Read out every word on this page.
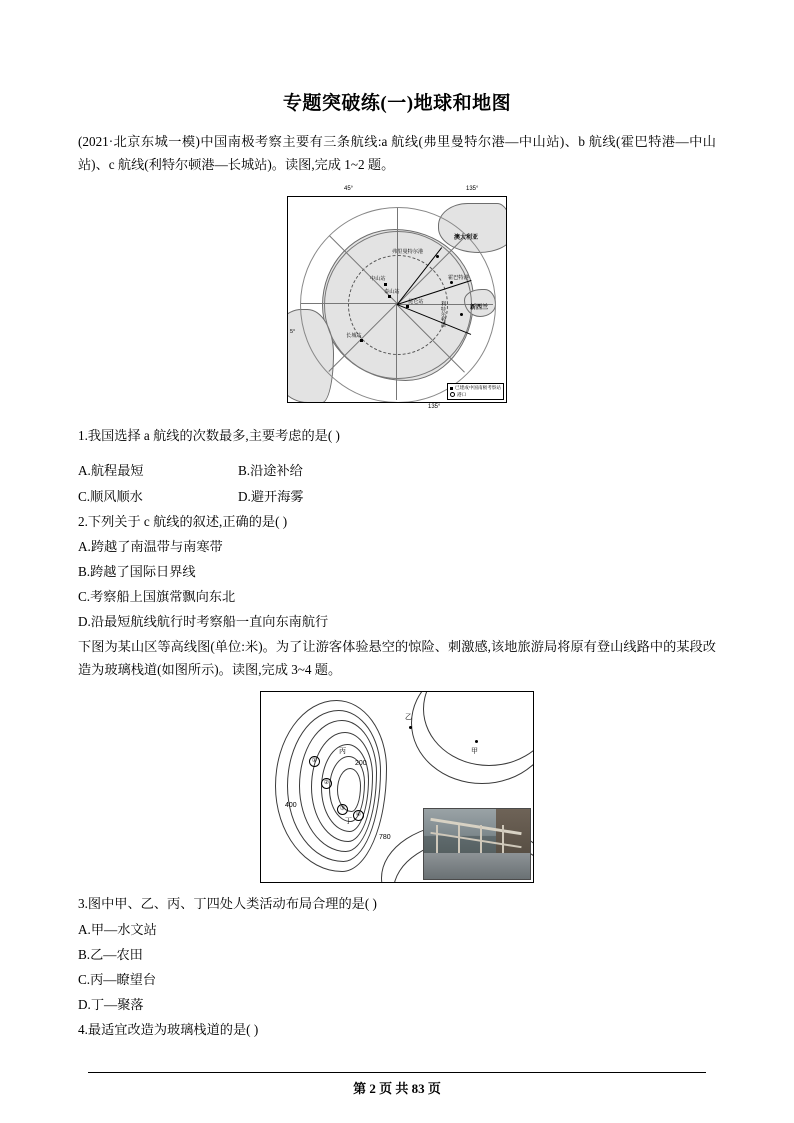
专题突破练(一)地球和地图
(2021·北京东城一模)中国南极考察主要有三条航线:a 航线(弗里曼特尔港—中山站)、b 航线(霍巴特港—中山站)、c 航线(利特尔顿港—长城站)。读图,完成 1~2 题。
45°	135°
弗里曼特尔港
澳大利亚
霍巴特港
中山站
泰山站
昆仑站	利特尔顿港	新西兰
长城站
5°
已建成中国南极考察站
港口
135°
1.我国选择 a 航线的次数最多,主要考虑的是( )
A.航程最短	B.沿途补给
C.顺风顺水	D.避开海雾
2.下列关于 c 航线的叙述,正确的是( )
A.跨越了南温带与南寒带
B.跨越了国际日界线
C.考察船上国旗常飘向东北
D.沿最短航线航行时考察船一直向东南航行
下图为某山区等高线图(单位:米)。为了让游客体验悬空的惊险、刺激感,该地旅游局将原有登山线路中的某段改造为玻璃栈道(如图所示)。读图,完成 3~4 题。
乙
甲
丙
丁
200
400
780
①
②
③
④
3.图中甲、乙、丙、丁四处人类活动布局合理的是( )
A.甲—水文站
B.乙—农田
C.丙—瞭望台
D.丁—聚落
4.最适宜改造为玻璃栈道的是( )
第 2 页 共 83 页
